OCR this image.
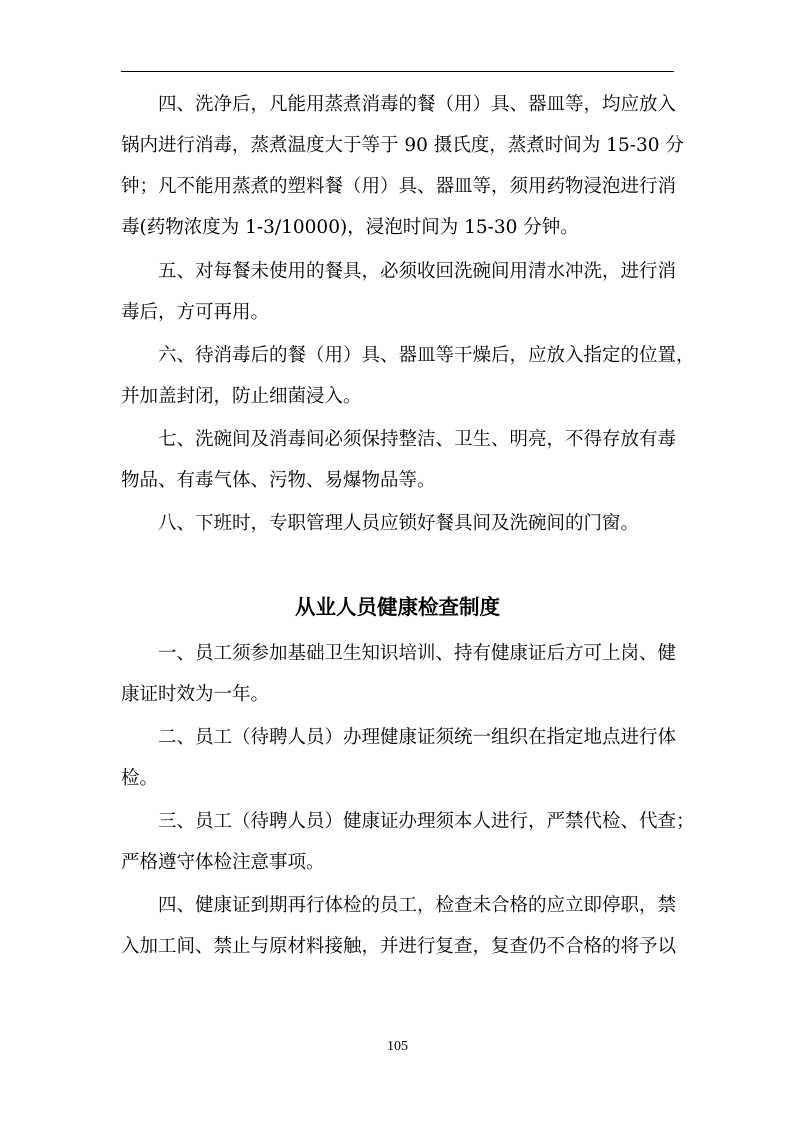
四、洗净后，凡能用蒸煮消毒的餐（用）具、器皿等，均应放入
锅内进行消毒，蒸煮温度大于等于 90 摄氏度，蒸煮时间为 15-30 分
钟；凡不能用蒸煮的塑料餐（用）具、器皿等，须用药物浸泡进行消
毒(药物浓度为 1-3/10000)，浸泡时间为 15-30 分钟。
五、对每餐未使用的餐具，必须收回洗碗间用清水冲洗，进行消
毒后，方可再用。
六、待消毒后的餐（用）具、器皿等干燥后，应放入指定的位置，
并加盖封闭，防止细菌浸入。
七、洗碗间及消毒间必须保持整洁、卫生、明亮，不得存放有毒
物品、有毒气体、污物、易爆物品等。
八、下班时，专职管理人员应锁好餐具间及洗碗间的门窗。
从业人员健康检查制度
一、员工须参加基础卫生知识培训、持有健康证后方可上岗、健
康证时效为一年。
二、员工（待聘人员）办理健康证须统一组织在指定地点进行体
检。
三、员工（待聘人员）健康证办理须本人进行，严禁代检、代查；
严格遵守体检注意事项。
四、健康证到期再行体检的员工，检查未合格的应立即停职，禁
入加工间、禁止与原材料接触，并进行复查，复查仍不合格的将予以
105
